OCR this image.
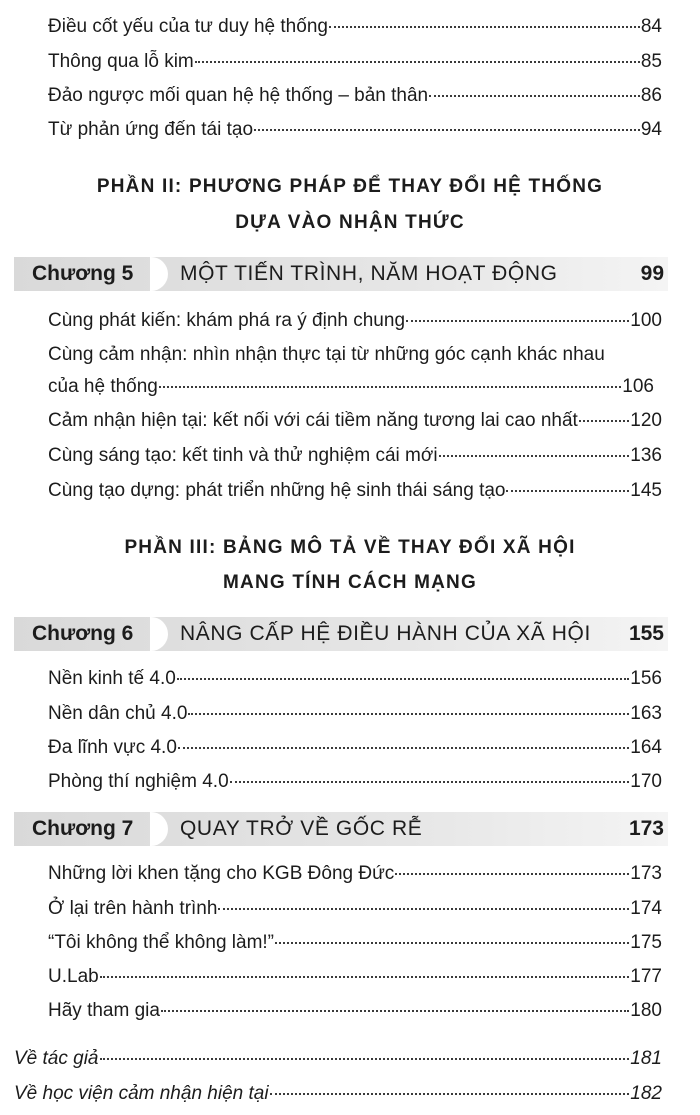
Điều cốt yếu của tư duy hệ thống	84
Thông qua lỗ kim	85
Đảo ngược mối quan hệ hệ thống – bản thân	86
Từ phản ứng đến tái tạo	94
PHẦN II: PHƯƠNG PHÁP ĐỂ THAY ĐỔI HỆ THỐNG
DỰA VÀO NHẬN THỨC
Chương 5	MỘT TIẾN TRÌNH, NĂM HOẠT ĐỘNG	99
Cùng phát kiến: khám phá ra ý định chung	100
Cùng cảm nhận: nhìn nhận thực tại từ những góc cạnh khác nhau
của hệ thống	106
Cảm nhận hiện tại: kết nối với cái tiềm năng tương lai cao nhất	120
Cùng sáng tạo: kết tinh và thử nghiệm cái mới	136
Cùng tạo dựng: phát triển những hệ sinh thái sáng tạo	145
PHẦN III: BẢNG MÔ TẢ VỀ THAY ĐỔI XÃ HỘI
MANG TÍNH CÁCH MẠNG
Chương 6	NÂNG CẤP HỆ ĐIỀU HÀNH CỦA XÃ HỘI 155
Nền kinh tế 4.0	156
Nền dân chủ 4.0	163
Đa lĩnh vực 4.0	164
Phòng thí nghiệm 4.0	170
Chương 7	QUAY TRỞ VỀ GỐC RỄ	173
Những lời khen tặng cho KGB Đông Đức	173
Ở lại trên hành trình	174
“Tôi không thể không làm!”	175
U.Lab	177
Hãy tham gia	180
Về tác giả	181
Về học viện cảm nhận hiện tại	182
